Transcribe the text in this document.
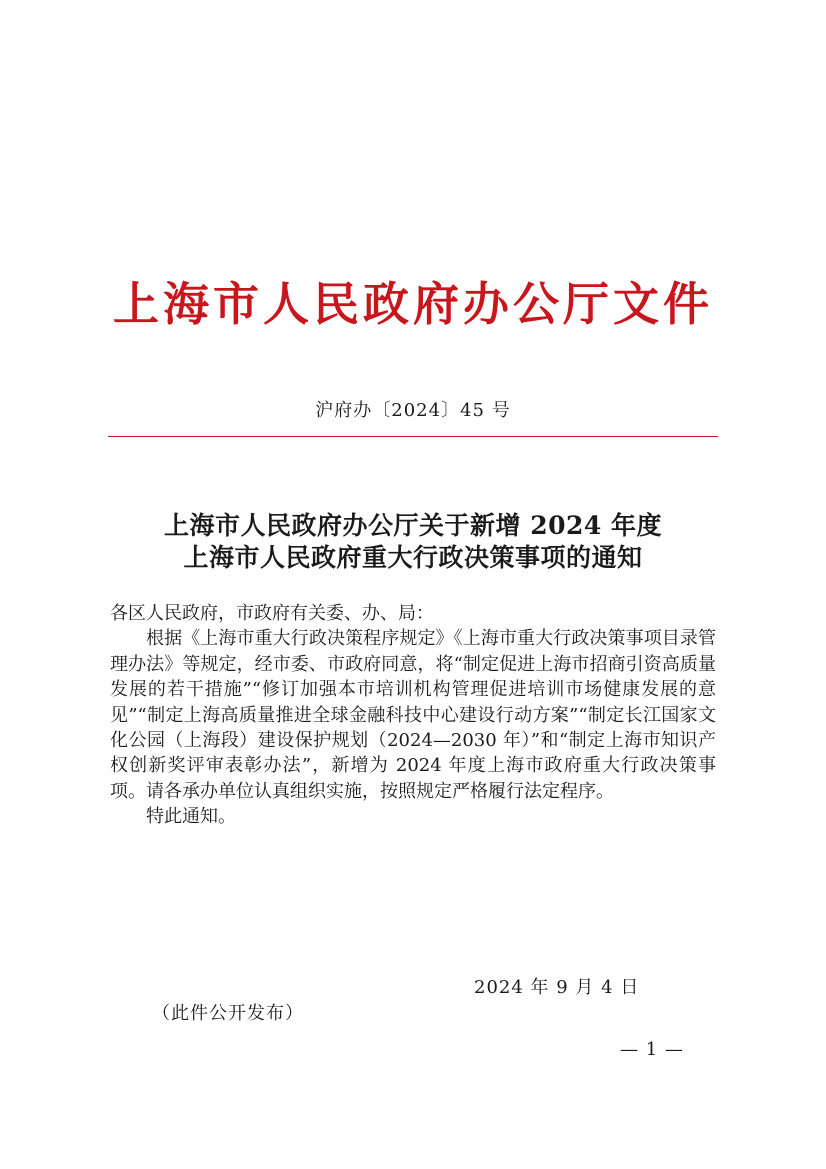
上海市人民政府办公厅文件
沪府办〔2024〕45 号
上海市人民政府办公厅关于新增 2024 年度
上海市人民政府重大行政决策事项的通知

各区人民政府，市政府有关委、办、局：

根据《上海市重大行政决策程序规定》《上海市重大行政决策事项目录管理办法》等规定，经市委、市政府同意，将“制定促进上海市招商引资高质量发展的若干措施”“修订加强本市培训机构管理促进培训市场健康发展的意见”“制定上海高质量推进全球金融科技中心建设行动方案”“制定长江国家文化公园（上海段）建设保护规划（2024—2030 年）”和“制定上海市知识产权创新奖评审表彰办法”，新增为 2024 年度上海市政府重大行政决策事项。请各承办单位认真组织实施，按照规定严格履行法定程序。

特此通知。

2024 年 9 月 4 日
（此件公开发布）
— 1 —
